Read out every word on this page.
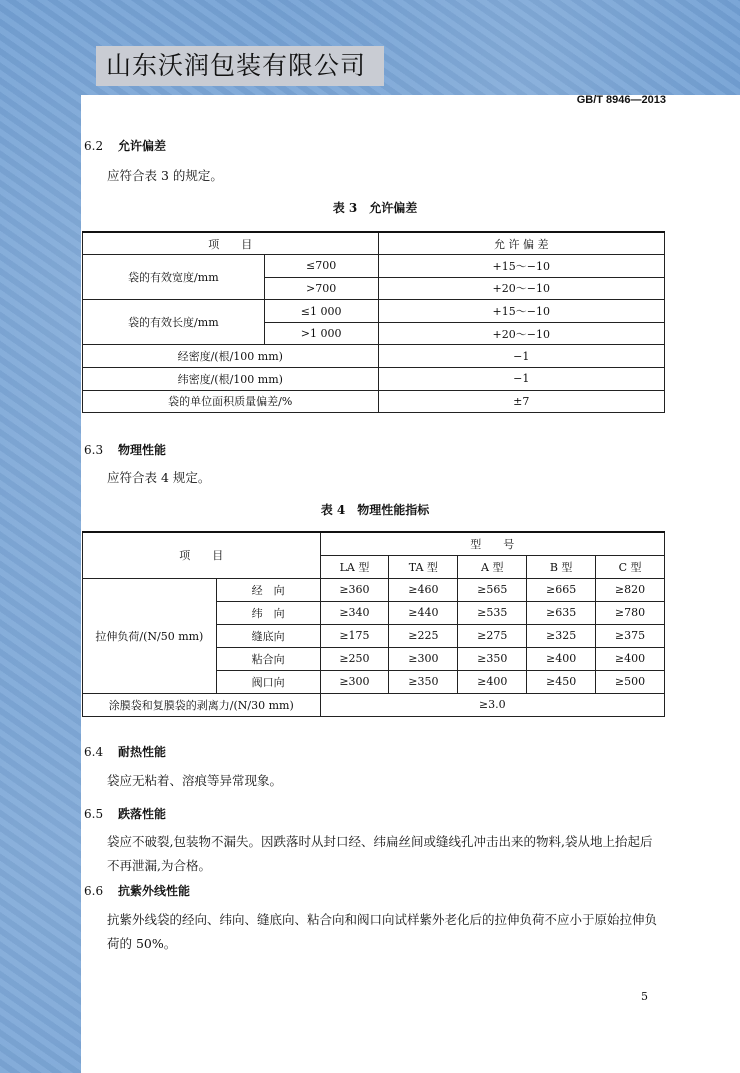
山东沃润包装有限公司
GB/T 8946—2013
6.2 允许偏差
应符合表 3 的规定。
表 3　允许偏差
项　　目		允 许 偏 差
袋的有效宽度/mm	≤700	+15～−10
	>700	+20～−10
袋的有效长度/mm	≤1 000	+15～−10
	>1 000	+20～−10
经密度/(根/100 mm)		−1
纬密度/(根/100 mm)		−1
袋的单位面积质量偏差/%		±7
6.3 物理性能
应符合表 4 规定。
表 4　物理性能指标
项　　目		型　　号				
		LA 型	TA 型	A 型	B 型	C 型
拉伸负荷/(N/50 mm)	经　向	≥360	≥460	≥565	≥665	≥820
	纬　向	≥340	≥440	≥535	≥635	≥780
	缝底向	≥175	≥225	≥275	≥325	≥375
	粘合向	≥250	≥300	≥350	≥400	≥400
	阀口向	≥300	≥350	≥400	≥450	≥500
涂膜袋和复膜袋的剥离力/(N/30 mm)		≥3.0				
6.4 耐热性能
袋应无粘着、溶痕等异常现象。
6.5 跌落性能
袋应不破裂,包装物不漏失。因跌落时从封口经、纬扁丝间或缝线孔冲击出来的物料,袋从地上抬起后不再泄漏,为合格。
6.6 抗紫外线性能
抗紫外线袋的经向、纬向、缝底向、粘合向和阀口向试样紫外老化后的拉伸负荷不应小于原始拉伸负荷的 50%。
5
